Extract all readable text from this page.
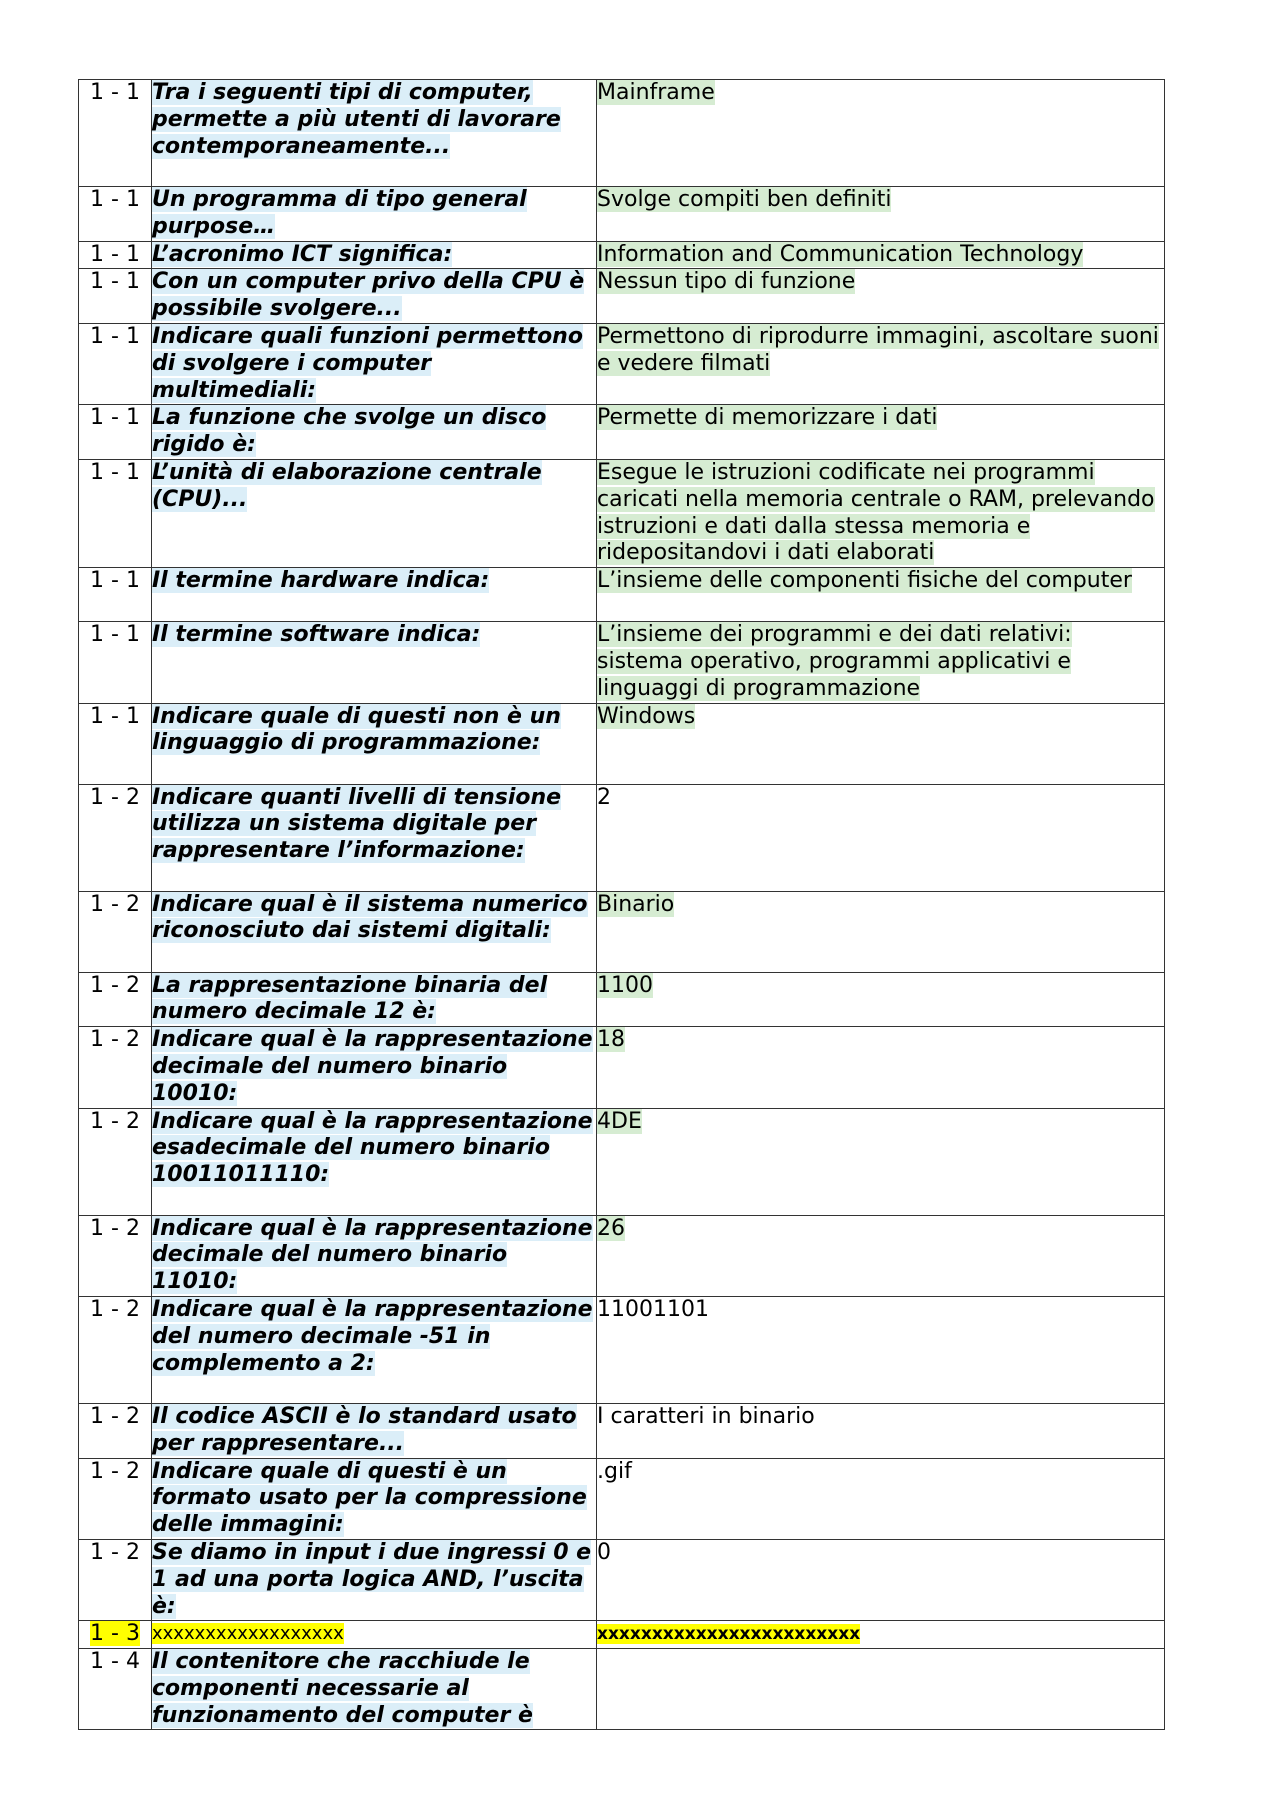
1 - 1	Tra i seguenti tipi di computer, permette a più utenti di lavorare contemporaneamente...	Mainframe
1 - 1	Un programma di tipo general purpose…	Svolge compiti ben definiti
1 - 1	L’acronimo ICT significa:	Information and Communication Technology
1 - 1	Con un computer privo della CPU è possibile svolgere...	Nessun tipo di funzione
1 - 1	Indicare quali funzioni permettono di svolgere i computer multimediali:	Permettono di riprodurre immagini, ascoltare suoni e vedere filmati
1 - 1	La funzione che svolge un disco rigido è:	Permette di memorizzare i dati
1 - 1	L’unità di elaborazione centrale (CPU)...	Esegue le istruzioni codificate nei programmi caricati nella memoria centrale o RAM, prelevando istruzioni e dati dalla stessa memoria e ridepositandovi i dati elaborati
1 - 1	Il termine hardware indica:	L’insieme delle componenti fisiche del computer
1 - 1	Il termine software indica:	L’insieme dei programmi e dei dati relativi: sistema operativo, programmi applicativi e linguaggi di programmazione
1 - 1	Indicare quale di questi non è un linguaggio di programmazione:	Windows
1 - 2	Indicare quanti livelli di tensione utilizza un sistema digitale per rappresentare l’informazione:	2
1 - 2	Indicare qual è il sistema numerico riconosciuto dai sistemi digitali:	Binario
1 - 2	La rappresentazione binaria del numero decimale 12 è:	1100
1 - 2	Indicare qual è la rappresentazione decimale del numero binario 10010:	18
1 - 2	Indicare qual è la rappresentazione esadecimale del numero binario 10011011110:	4DE
1 - 2	Indicare qual è la rappresentazione decimale del numero binario 11010:	26
1 - 2	Indicare qual è la rappresentazione del numero decimale -51 in complemento a 2:	11001101
1 - 2	Il codice ASCII è lo standard usato per rappresentare...	I caratteri in binario
1 - 2	Indicare quale di questi è un formato usato per la compressione delle immagini:	.gif
1 - 2	Se diamo in input i due ingressi 0 e 1 ad una porta logica AND, l’uscita è:	0
1 - 3	xxxxxxxxxxxxxxxxxx	xxxxxxxxxxxxxxxxxxxxxxxx
1 - 4	Il contenitore che racchiude le componenti necessarie al funzionamento del computer è	
